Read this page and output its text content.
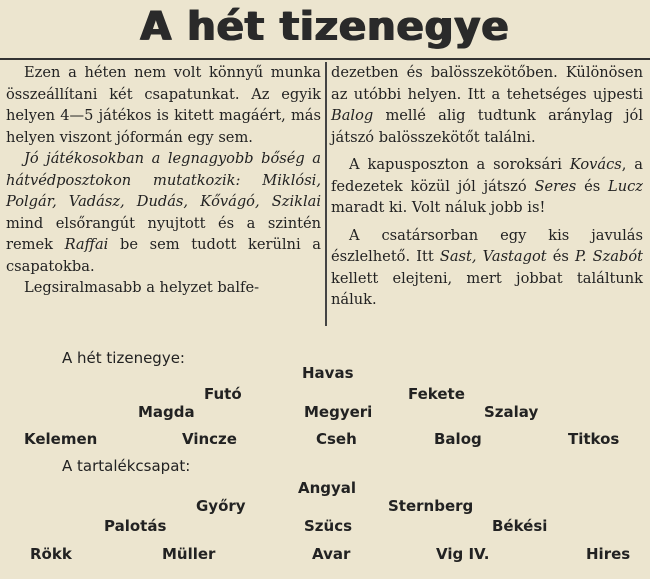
A hét tizenegye

Ezen a héten nem volt könnyű munka összeállítani két csapatunkat. Az egyik helyen 4—5 játékos is kitett magáért, más helyen viszont jóformán egy sem.

Jó játékosokban a legnagyobb bőség a hátvédposztokon mutatkozik: Miklósi, Polgár, Vadász, Dudás, Kővágó, Sziklai mind elsőrangút nyujtott és a szintén remek Raffai be sem tudott kerülni a csapatokba.

Legsiralmasabb a helyzet balfe-

dezetben és balösszekötőben. Különösen az utóbbi helyen. Itt a tehetséges ujpesti Balog mellé alig tudtunk aránylag jól játszó balösszekötőt találni.

A kapusposzton a soroksári Kovács, a fedezetek közül jól játszó Seres és Lucz maradt ki. Volt náluk jobb is!

A csatársorban egy kis javulás észlelhető. Itt Sast, Vastagot és P. Szabót kellett elejteni, mert jobbat találtunk náluk.

A hét tizenegye:
Havas
Futó	Fekete
Magda	Megyeri	Szalay
Kelemen	Vincze	Cseh	Balog	Titkos
A tartalékcsapat:
Angyal
Győry	Sternberg
Palotás	Szücs	Békési
Rökk	Müller	Avar	Vig IV.	Hires
